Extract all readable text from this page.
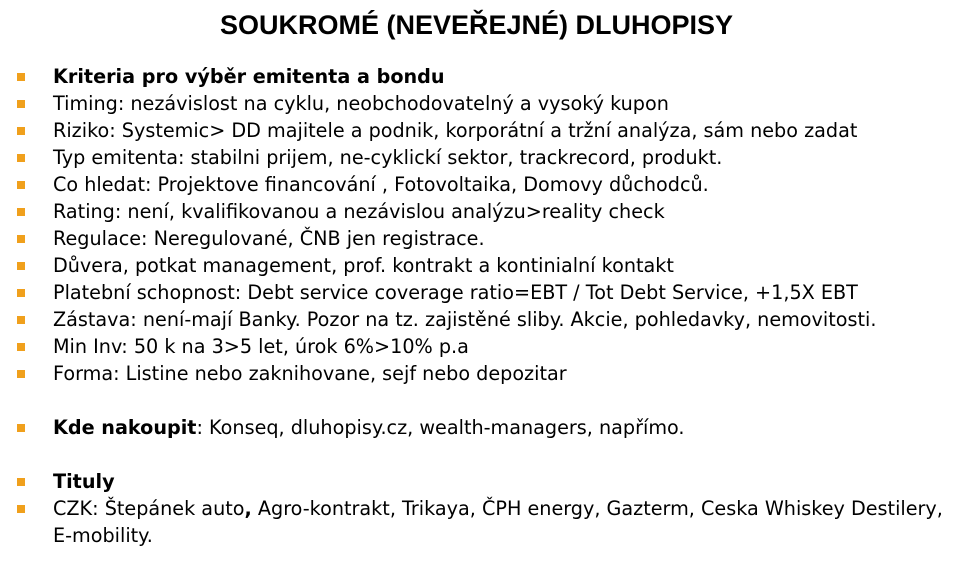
SOUKROMÉ (NEVEŘEJNÉ) DLUHOPISY
Kriteria pro výběr emitenta a bondu
Timing: nezávislost na cyklu, neobchodovatelný a vysoký kupon
Riziko: Systemic> DD majitele a podnik, korporátní a tržní analýza, sám nebo zadat
Typ emitenta: stabilni prijem, ne-cyklickí sektor, trackrecord, produkt.
Co hledat: Projektove financování , Fotovoltaika, Domovy důchodců.
Rating: není, kvalifikovanou a nezávislou analýzu>reality check
Regulace: Neregulované, ČNB jen registrace.
Důvera, potkat management, prof. kontrakt a kontinialní kontakt
Platební schopnost: Debt service coverage ratio=EBT / Tot Debt Service, +1,5X EBT
Zástava: není-mají Banky. Pozor na tz. zajistěné sliby. Akcie, pohledavky, nemovitosti.
Min Inv: 50 k na 3>5 let, úrok 6%>10% p.a
Forma: Listine nebo zaknihovane, sejf nebo depozitar
Kde nakoupit: Konseq, dluhopisy.cz, wealth-managers, napřímo.
Tituly
CZK: Štepánek auto, Agro-kontrakt, Trikaya, ČPH energy, Gazterm, Ceska Whiskey Destilery, E-mobility.
